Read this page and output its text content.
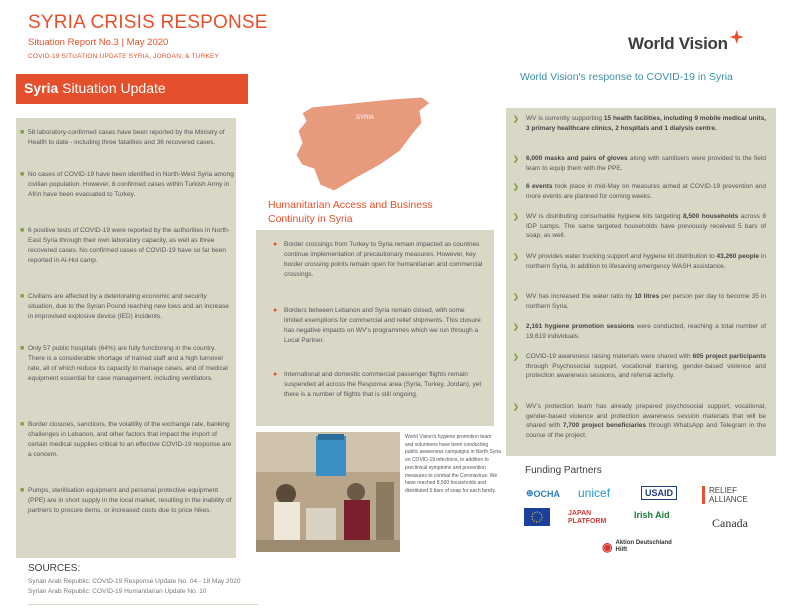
SYRIA CRISIS RESPONSE
Situation Report No.3 | May 2020
COVID-19 SITUATION UPDATE SYRIA, JORDAN, & TURKEY
World Vision
Syria Situation Update
■ 58 laboratory-confirmed cases have been reported by the Ministry of Health to date - including three fatalities and 36 recovered cases.
■ No cases of COVID-19 have been identified in North-West Syria among civilian population. However, 8 confirmed cases within Turkish Army in Afrin have been evacuated to Turkey.
■ 6 positive tests of COVID-19 were reported by the authorities in North-East Syria through their own laboratory capacity, as well as three recovered cases. No confirmed cases of COVID-19 have so far been reported in Al-Hol camp.
■ Civilians are affected by a deteriorating economic and security situation, due to the Syrian Pound reaching new lows and an increase in improvised explosive device (IED) incidents.
■ Only 57 public hospitals (64%) are fully functioning in the country. There is a considerable shortage of trained staff and a high turnover rate, all of which reduce its capacity to manage cases, and of medical equipment essential for case management, including ventilators.
■ Border closures, sanctions, the volatility of the exchange rate, banking challenges in Lebanon, and other factors that impact the import of certain medical supplies critical to an effective COVID-19 response are a concern.
■ Pumps, sterilisation equipment and personal protective equipment (PPE) are in short supply in the local market, resulting in the inability of partners to procure items, or increased costs due to price hikes.
SYRIA
Humanitarian Access and Business Continuity in Syria
● Border crossings from Turkey to Syria remain impacted as countries continue implementation of precautionary measures. However, key border crossing points remain open for humanitarian and commercial crossings.
● Borders between Lebanon and Syria remain closed, with some limited exemptions for commercial and relief shipments. This closure has negative impacts on WV's programmes which we run through a Local Partner.
● International and domestic commercial passenger flights remain suspended all across the Response area (Syria, Turkey, Jordan), yet there is a number of flights that is still ongoing.
World Vision's hygiene promotion team and volunteers have been conducting public awareness campaigns in North Syria on COVID-19 infections, in addition to preclinical symptoms and prevention measures to combat the Coronavirus. We have reached 8,500 households and distributed 5 bars of soap for each family.
World Vision's response to COVID-19 in Syria
❯ WV is currently supporting 15 health facilities, including 9 mobile medical units, 3 primary healthcare clinics, 2 hospitals and 1 dialysis centre.
❯ 6,000 masks and pairs of gloves along with sanitisers were provided to the field team to equip them with the PPE.
❯ 6 events took place in mid-May on measures aimed at COVID-19 prevention and more events are planned for coming weeks.
❯ WV is distributing consumable hygiene kits targeting 8,500 households across 8 IDP camps. The same targeted households have previously received 5 bars of soap, as well.
❯ WV provides water trucking support and hygiene kit distribution to 43,260 people in northern Syria, in addition to lifesaving emergency WASH assistance.
❯ WV has increased the water ratio by 10 litres per person per day to become 35 in northern Syria.
❯ 2,161 hygiene promotion sessions were conducted, reaching a total number of 19,619 individuals.
❯ COVID-19 awareness raising materials were shared with 605 project participants through Psychosocial support, vocational training, gender-based violence and protection awareness sessions, and referral activity.
❯ WV's protection team has already prepared psychosocial support, vocational, gender-based violence and protection awareness session materials that will be shared with 7,700 project beneficiaries through WhatsApp and Telegram in the course of the project.
Funding Partners
⊕ OCHA unicef	USAID	RELIEF ALLIANCE
JAPAN PLATFORM
Irish Aid
Canada
◉ Aktion Deutschland Hilft
SOURCES:
Syrian Arab Republic: COVID-19 Response Update No. 04 - 18 May 2020
Syrian Arab Republic: COVID-19 Humanitarian Update No. 10
